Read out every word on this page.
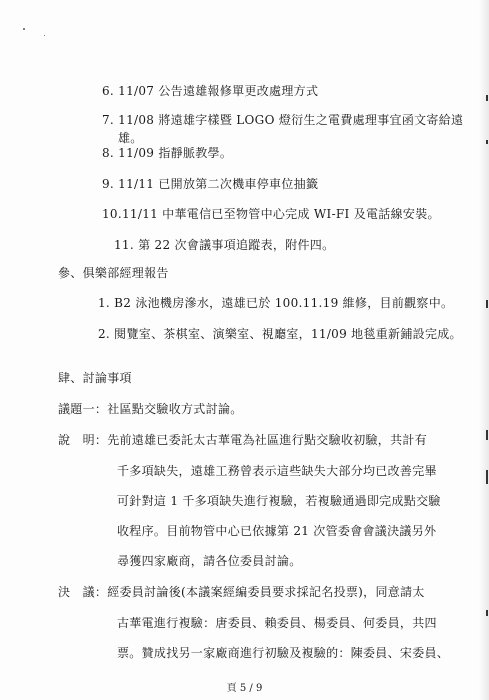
6. 11/07 公告遠雄報修單更改處理方式
7. 11/08 將遠雄字樣暨 LOGO 燈衍生之電費處理事宜函文寄給遠
雄。
8. 11/09 指靜脈教學。
9. 11/11 已開放第二次機車停車位抽籤
10.11/11 中華電信已至物管中心完成 WI-FI 及電話線安裝。
11. 第 22 次會議事項追蹤表，附件四。
參、俱樂部經理報告
1. B2 泳池機房滲水，遠雄已於 100.11.19 維修，目前觀察中。
2. 閱覽室、茶棋室、演樂室、視廳室，11/09 地毯重新鋪設完成。
肆、討論事項
議題一：社區點交驗收方式討論。
說　明：先前遠雄已委託太古華電為社區進行點交驗收初驗，共計有
千多項缺失，遠雄工務曾表示這些缺失大部分均已改善完畢
可針對這 1 千多項缺失進行複驗，若複驗通過即完成點交驗
收程序。目前物管中心已依據第 21 次管委會會議決議另外
尋獲四家廠商，請各位委員討論。
決　議：經委員討論後(本議案經編委員要求採記名投票)，同意請太
古華電進行複驗：唐委員、賴委員、楊委員、何委員，共四
票。贊成找另一家廠商進行初驗及複驗的：陳委員、宋委員、
頁 5 / 9
